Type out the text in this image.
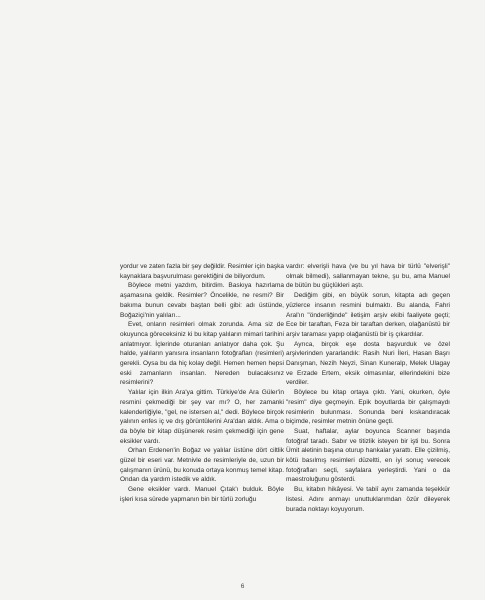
yordur ve zaten fazla bir şey değildir. Resimler için başka kaynaklara başvurulması gerektiğini de biliyordum.

Böylece metni yazdım, bitirdim. Baskıya hazırlama aşamasına geldik. Resimler? Öncelikle, ne resmi? Bir bakıma bunun cevabı baştan belli gibi: adı üstünde, Boğaziçi'nin yalıları...

Evet, onların resimleri olmak zorunda. Ama siz de okuyunca göreceksiniz ki bu kitap yalıların mimari tarihini anlatmıyor. İçlerinde oturanları anlatıyor daha çok. Şu halde, yalıların yanısıra insanların fotoğrafları (resimleri) gerekli. Oysa bu da hiç kolay değil. Hemen hemen hepsi eski zamanların insanları. Nereden bulacaksınız resimlerini?

Yalılar için ilkin Ara'ya gittim. Türkiye'de Ara Güler'in resmini çekmediği bir şey var mı? O, her zamanki kalenderliğiyle, "gel, ne istersen al," dedi. Böylece birçok yalının enfes iç ve dış görüntülerini Ara'dan aldık. Ama o da böyle bir kitap düşünerek resim çekmediği için gene eksikler vardı.

Orhan Erdenen'in Boğaz ve yalılar üstüne dört ciltlik güzel bir eseri var. Metnivle de resimleriyle de, uzun bir çalışmanın ürünü, bu konuda ortaya konmuş temel kitap. Ondan da yardım istedik ve aldık.

Gene eksikler vardı. Manuel Çıtak'ı bulduk. Böyle işleri kısa sürede yapmanın bin bir türlü zorluğu

vardır: elverişli hava (ve bu yıl hava bir türlü "elverişli" olmak bilmedi), sallanmayan tekne, şu bu, ama Manuel de bütün bu güçlükleri aştı.

Dediğim gibi, en büyük sorun, kitapta adı geçen yüzlerce insanın resmini bulmaktı. Bu alanda, Fahri Aral'ın "önderliğinde" iletişim arşiv ekibi faaliyete geçti; Ece bir taraftan, Feza bir taraftan derken, olağanüstü bir arşiv taraması yapıp olağanüstü bir iş çıkardılar.

Ayrıca, birçok eşe dosta başvurduk ve özel arşivlerinden yararlandık: Rasih Nuri İleri, Hasan Başrı Danışman, Nezih Neyzi, Sinan Kuneralp, Melek Ulagay ve Erzade Ertem, eksik olmasınlar, ellerindekini bize verdiler.

Böylece bu kitap ortaya çıktı. Yani, okurken, öyle "resim" diye geçmeyin. Epik boyutlarda bir çalışmaydı resimlerin bulunması. Sonunda beni kıskandıracak biçimde, resimler metnin önüne geçti.

Suat, haftalar, aylar boyunca Scanner başında fotoğraf taradı. Sabır ve titizlik isteyen bir işti bu. Sonra Ümit aletinin başına oturup hankalar yarattı. Elle çizilmiş, kötü basılmış resimleri düzeltti, en iyi sonuç verecek fotoğrafları seçti, sayfalara yerleştirdi. Yani o da maestroluğunu gösterdi.

Bu, kitabın hikâyesi. Ve tabiî aynı zamanda teşekkür listesi. Adını anmayı unuttuklarımdan özür dileyerek burada noktayı koyuyorum.

6
